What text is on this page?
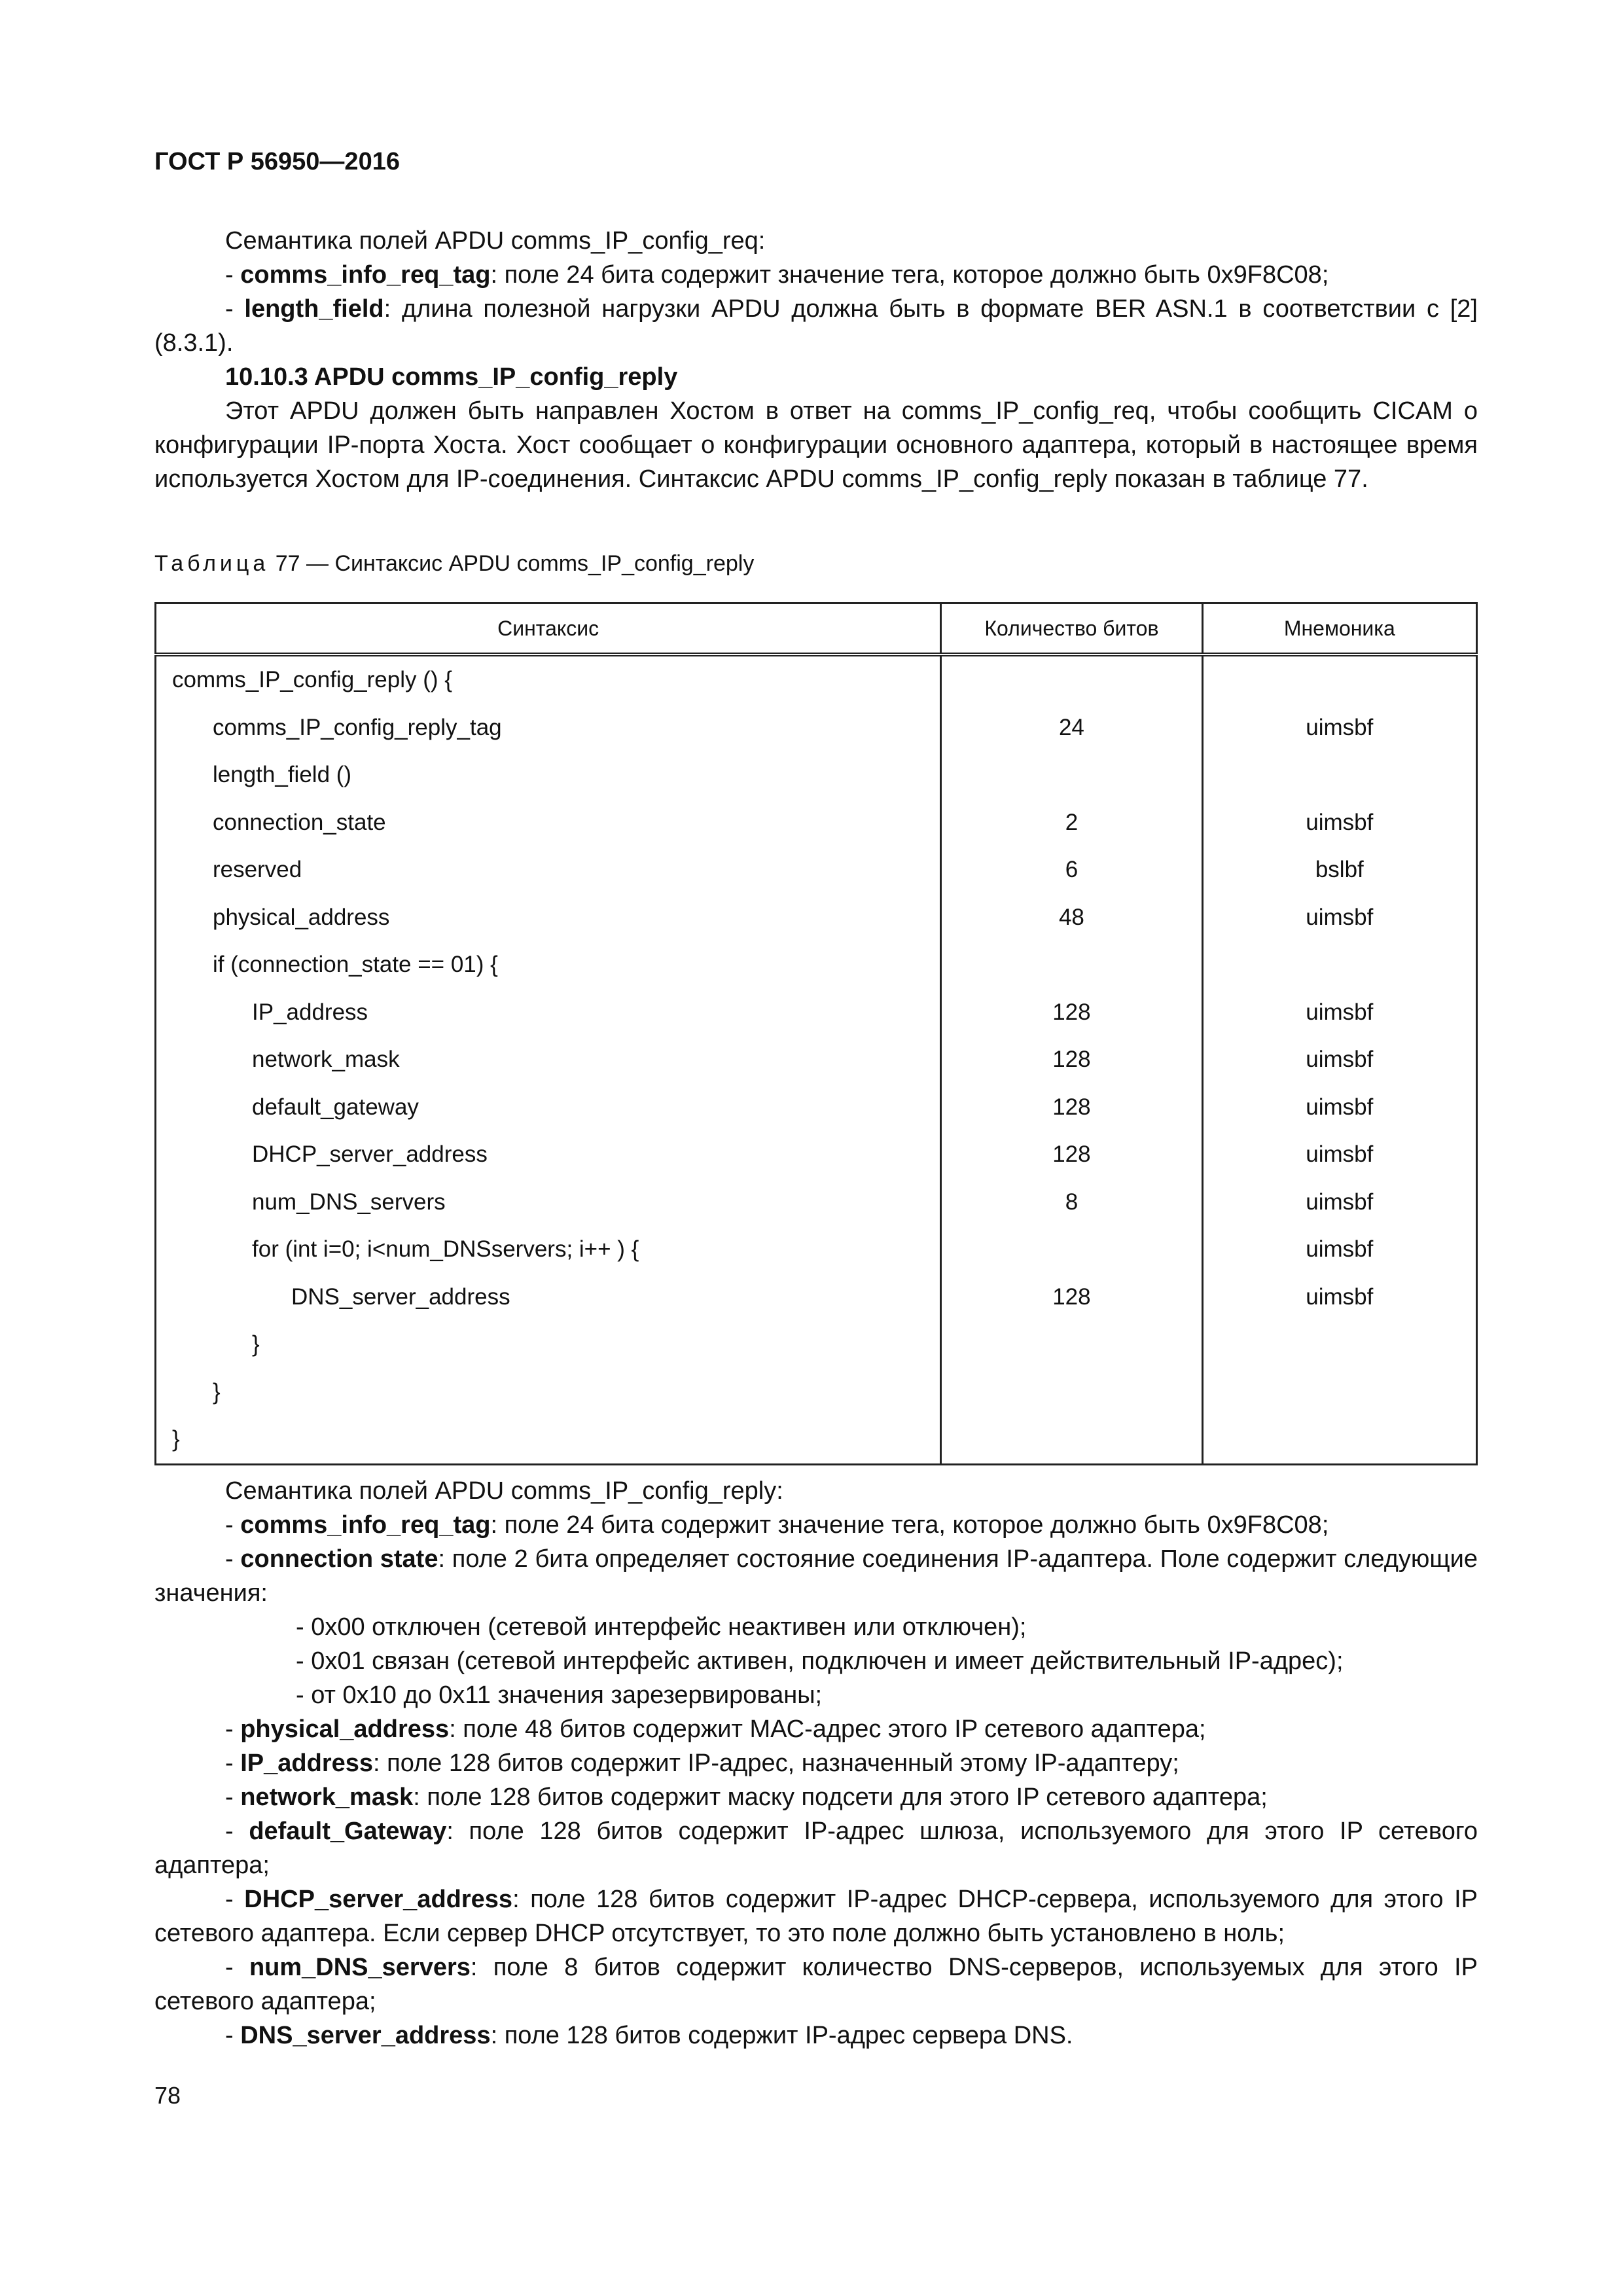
ГОСТ Р 56950—2016
Семантика полей APDU comms_IP_config_req:
- comms_info_req_tag: поле 24 бита содержит значение тега, которое должно быть 0x9F8C08;
- length_field: длина полезной нагрузки APDU должна быть в формате BER ASN.1 в соответствии с [2] (8.3.1).
10.10.3 APDU comms_IP_config_reply
Этот APDU должен быть направлен Хостом в ответ на comms_IP_config_req, чтобы сообщить CICAM о конфигурации IP-порта Хоста. Хост сообщает о конфигурации основного адаптера, который в настоящее время используется Хостом для IP-соединения. Синтаксис APDU comms_IP_config_reply показан в таблице 77.
Таблица 77 — Синтаксис APDU comms_IP_config_reply
Синтаксис	Количество битов	Мнемоника
comms_IP_config_reply () {		
comms_IP_config_reply_tag	24	uimsbf
length_field ()		
connection_state	2	uimsbf
reserved	6	bslbf
physical_address	48	uimsbf
if (connection_state == 01) {		
IP_address	128	uimsbf
network_mask	128	uimsbf
default_gateway	128	uimsbf
DHCP_server_address	128	uimsbf
num_DNS_servers	8	uimsbf
for (int i=0; i<num_DNSservers; i++ ) {		uimsbf
DNS_server_address	128	uimsbf
}		
}		
}		
Семантика полей APDU comms_IP_config_reply:
- comms_info_req_tag: поле 24 бита содержит значение тега, которое должно быть 0x9F8C08;
- connection state: поле 2 бита определяет состояние соединения IP-адаптера. Поле содержит следующие значения:
- 0x00 отключен (сетевой интерфейс неактивен или отключен);
- 0x01 связан (сетевой интерфейс активен, подключен и имеет действительный IP-адрес);
- от 0x10 до 0x11 значения зарезервированы;
- physical_address: поле 48 битов содержит МАС-адрес этого IP сетевого адаптера;
- IP_address: поле 128 битов содержит IP-адрес, назначенный этому IP-адаптеру;
- network_mask: поле 128 битов содержит маску подсети для этого IP сетевого адаптера;
- default_Gateway: поле 128 битов содержит IP-адрес шлюза, используемого для этого IP сетевого адаптера;
- DHCP_server_address: поле 128 битов содержит IP-адрес DHCP-сервера, используемого для этого IP сетевого адаптера. Если сервер DHCP отсутствует, то это поле должно быть установлено в ноль;
- num_DNS_servers: поле 8 битов содержит количество DNS-серверов, используемых для этого IP сетевого адаптера;
- DNS_server_address: поле 128 битов содержит IP-адрес сервера DNS.
78
